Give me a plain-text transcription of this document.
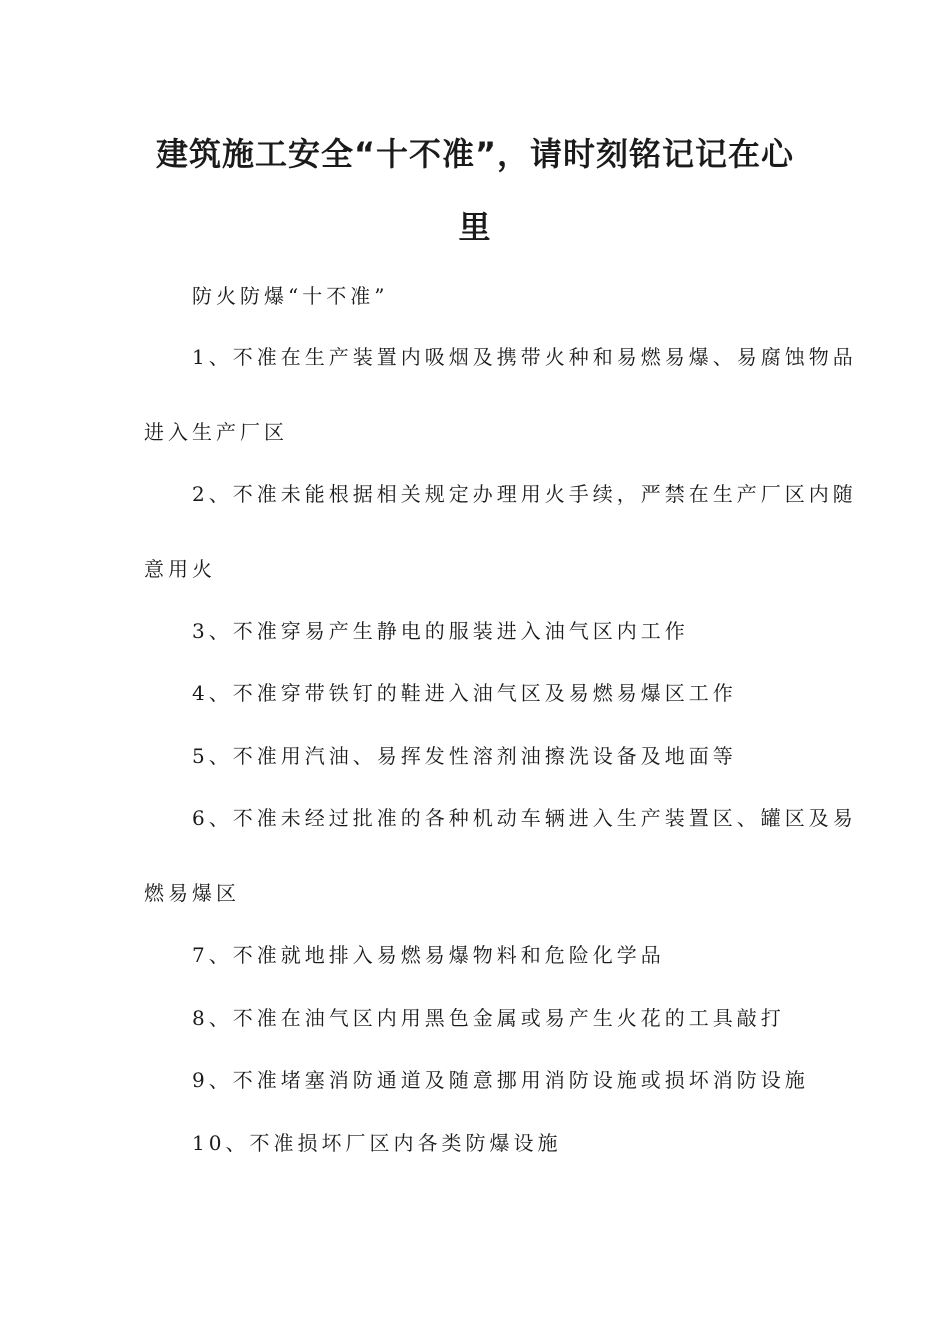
建筑施工安全“十不准”，请时刻铭记记在心
里
防火防爆“十不准”
1、不准在生产装置内吸烟及携带火种和易燃易爆、易腐蚀物品
进入生产厂区
2、不准未能根据相关规定办理用火手续，严禁在生产厂区内随
意用火
3、不准穿易产生静电的服装进入油气区内工作
4、不准穿带铁钉的鞋进入油气区及易燃易爆区工作
5、不准用汽油、易挥发性溶剂油擦洗设备及地面等
6、不准未经过批准的各种机动车辆进入生产装置区、罐区及易
燃易爆区
7、不准就地排入易燃易爆物料和危险化学品
8、不准在油气区内用黑色金属或易产生火花的工具敲打
9、不准堵塞消防通道及随意挪用消防设施或损坏消防设施
10、不准损坏厂区内各类防爆设施
